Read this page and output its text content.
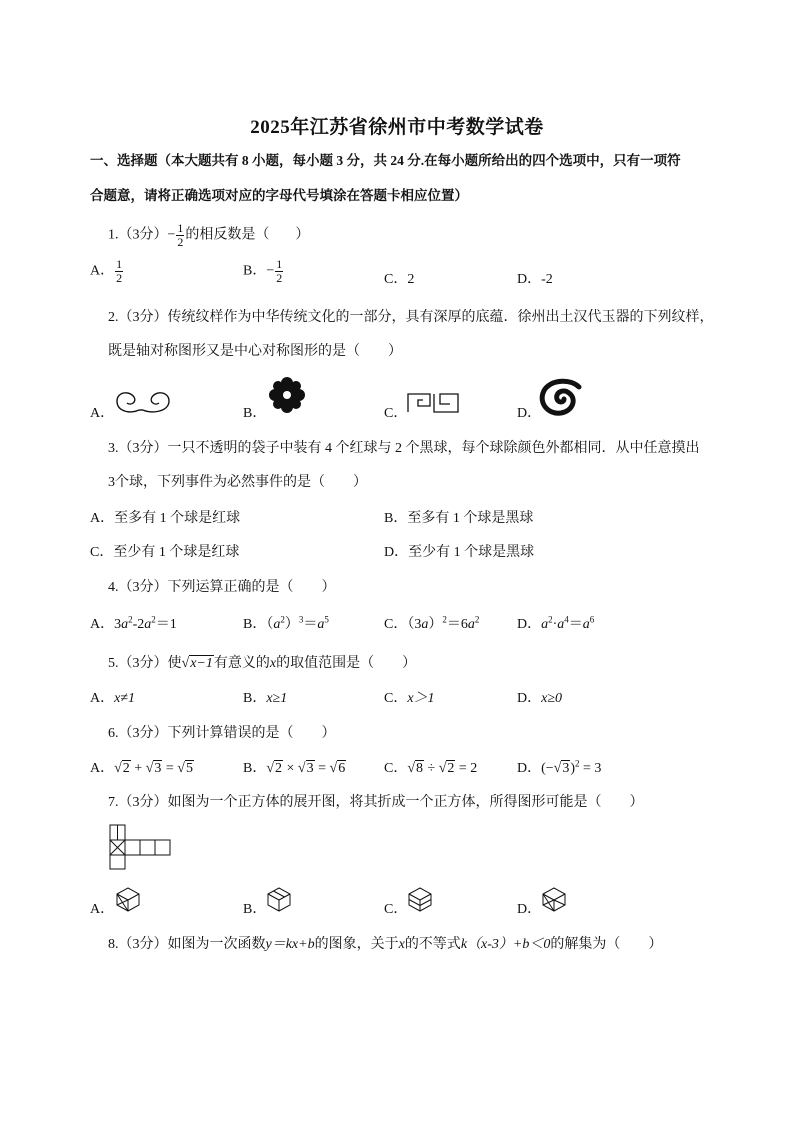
2025年江苏省徐州市中考数学试卷
一、选择题（本大题共有 8 小题，每小题 3 分，共 24 分.在每小题所给出的四个选项中，只有一项符
合题意，请将正确选项对应的字母代号填涂在答题卡相应位置）
1.（3分）− $\frac{1}{2}$ 的相反数是（ ）
A． $\frac{1}{2}$	B．− $\frac{1}{2}$	C．2	D．-2
2.（3分）传统纹样作为中华传统文化的一部分，具有深厚的底蕴．徐州出土汉代玉器的下列纹样，
既是轴对称图形又是中心对称图形的是（　　）
A．	B．	C．	D．
3.（3分）一只不透明的袋子中装有 4 个红球与 2 个黑球，每个球除颜色外都相同．从中任意摸出
3个球，下列事件为必然事件的是（　　）
A．至多有 1 个球是红球	B．至多有 1 个球是黑球
C．至少有 1 个球是红球	D．至少有 1 个球是黑球
4.（3分）下列运算正确的是（　　）
A．$3a^2-2a^2=1$	B．$(a^2)^3=a^5$	C．$(3a)^2=6a^2$	D．$a^2\cdot a^4=a^6$
5.（3分）使√x−1有意义的x的取值范围是（　　）
A．x≠1	B．x≥1	C．x＞1	D．x≥0
6.（3分）下列计算错误的是（　　）
A．√2 + √3 = √5	B．√2 × √3 = √6	C．√8 ÷ √2 = 2	D．$(-√3)^2 = 3$
7.（3分）如图为一个正方体的展开图，将其折成一个正方体，所得图形可能是（　　）
A．	B．	C．	D．
8.（3分）如图为一次函数y＝kx+b的图象，关于x的不等式k（x-3）+b＜0的解集为（　　）
